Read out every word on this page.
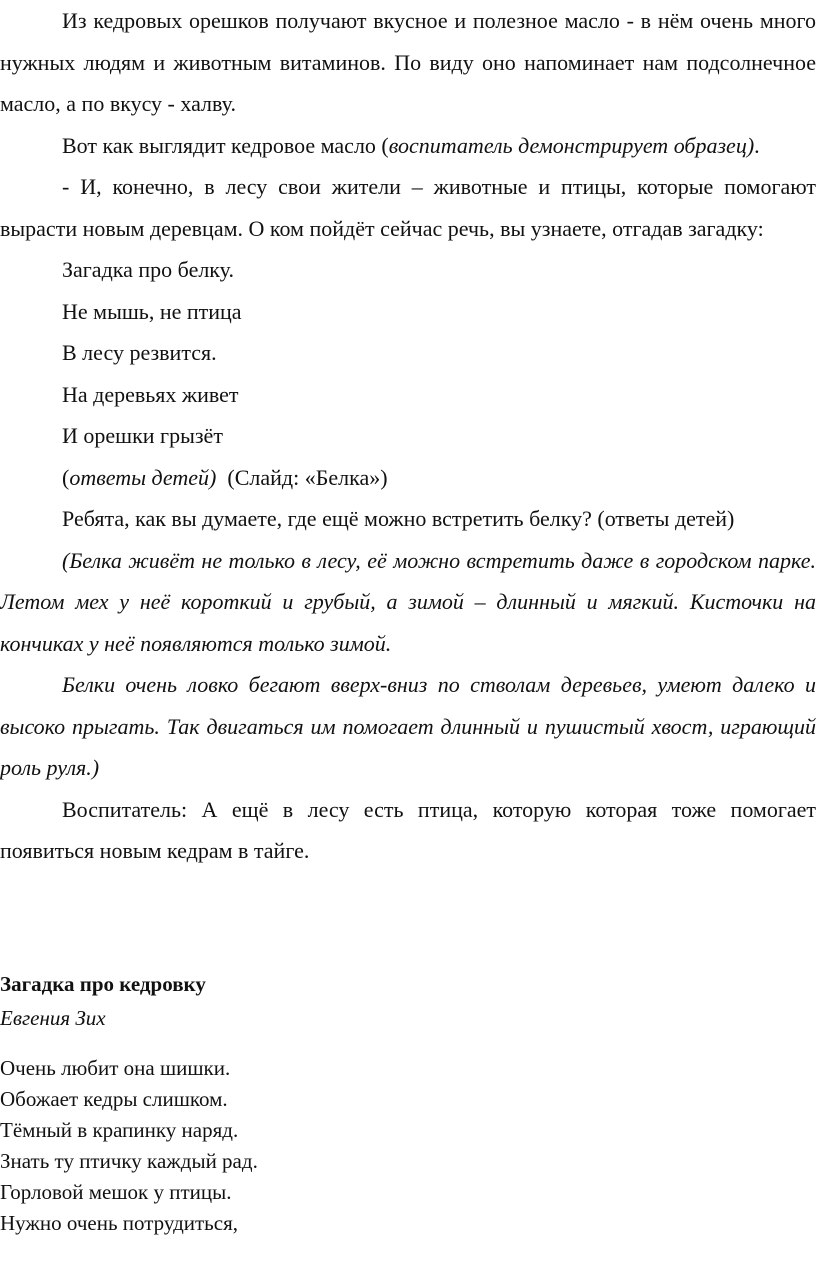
Из кедровых орешков получают вкусное и полезное масло - в нём очень много нужных людям и животным витаминов. По виду оно напоминает нам подсолнечное масло, а по вкусу - халву.

Вот как выглядит кедровое масло (воспитатель демонстрирует образец).

- И, конечно, в лесу свои жители – животные и птицы, которые помогают вырасти новым деревцам. О ком пойдёт сейчас речь, вы узнаете, отгадав загадку:

Загадка про белку.

Не мышь, не птица

В лесу резвится.

На деревьях живет

И орешки грызёт

(ответы детей)  (Слайд: «Белка»)

Ребята, как вы думаете, где ещё можно встретить белку? (ответы детей)

(Белка живёт не только в лесу, её можно встретить даже в городском парке. Летом мех у неё короткий и грубый, а зимой – длинный и мягкий. Кисточки на кончиках у неё появляются только зимой.

Белки очень ловко бегают вверх-вниз по стволам деревьев, умеют далеко и высоко прыгать. Так двигаться им помогает длинный и пушистый хвост, играющий роль руля.)

Воспитатель: А ещё в лесу есть птица, которую которая тоже помогает появиться новым кедрам в тайге.

Загадка про кедровку

Евгения Зих

Очень любит она шишки.
Обожает кедры слишком.
Тёмный в крапинку наряд.
Знать ту птичку каждый рад.
Горловой мешок у птицы.
Нужно очень потрудиться,
